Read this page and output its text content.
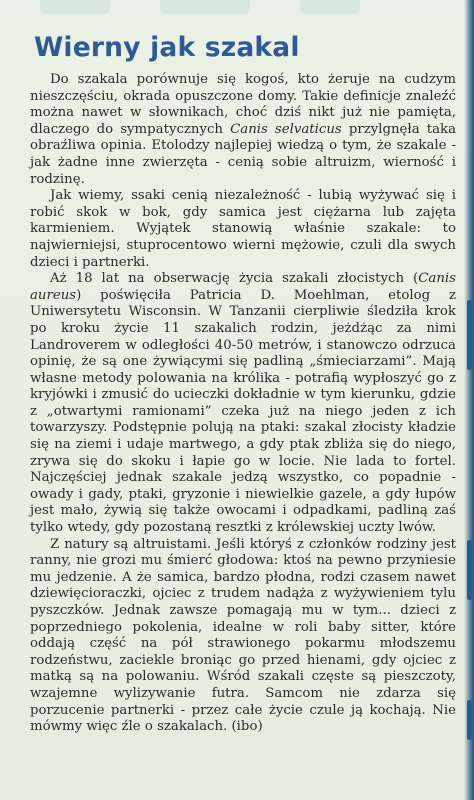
Wierny jak szakal

Do szakala porównuje się kogoś, kto żeruje na cudzym nieszczęściu, okrada opuszczone domy. Takie definicje znaleźć można nawet w słownikach, choć dziś nikt już nie pamięta, dlaczego do sympatycznych Canis selvaticus przylgnęła taka obraźliwa opinia. Etolodzy najlepiej wiedzą o tym, że szakale - jak żadne inne zwierzęta - cenią sobie altruizm, wierność i rodzinę.

Jak wiemy, ssaki cenią niezależność - lubią wyżywać się i robić skok w bok, gdy samica jest ciężarna lub zajęta karmieniem. Wyjątek stanowią właśnie szakale: to najwierniejsi, stuprocentowo wierni mężowie, czuli dla swych dzieci i partnerki.

Aż 18 lat na obserwację życia szakali złocistych (Canis aureus) poświęciła Patricia D. Moehlman, etolog z Uniwersytetu Wisconsin. W Tanzanii cierpliwie śledziła krok po kroku życie 11 szakalich rodzin, jeżdżąc za nimi Landroverem w odległości 40-50 metrów, i stanowczo odrzuca opinię, że są one żywiącymi się padliną „śmieciarzami”. Mają własne metody polowania na królika - potrafią wypłoszyć go z kryjówki i zmusić do ucieczki dokładnie w tym kierunku, gdzie z „otwartymi ramionami” czeka już na niego jeden z ich towarzyszy. Podstępnie polują na ptaki: szakal złocisty kładzie się na ziemi i udaje martwego, a gdy ptak zbliża się do niego, zrywa się do skoku i łapie go w locie. Nie lada to fortel. Najczęściej jednak szakale jedzą wszystko, co popadnie - owady i gady, ptaki, gryzonie i niewielkie gazele, a gdy łupów jest mało, żywią się także owocami i odpadkami, padliną zaś tylko wtedy, gdy pozostaną resztki z królewskiej uczty lwów.

Z natury są altruistami. Jeśli któryś z członków rodziny jest ranny, nie grozi mu śmierć głodowa: ktoś na pewno przyniesie mu jedzenie. A że samica, bardzo płodna, rodzi czasem nawet dziewięcioraczki, ojciec z trudem nadąża z wyżywieniem tylu pyszczków. Jednak zawsze pomagają mu w tym... dzieci z poprzedniego pokolenia, idealne w roli baby sitter, które oddają część na pół strawionego pokarmu młodszemu rodzeństwu, zaciekle broniąc go przed hienami, gdy ojciec z matką są na polowaniu. Wśród szakali częste są pieszczoty, wzajemne wylizywanie futra. Samcom nie zdarza się porzucenie partnerki - przez całe życie czule ją kochają. Nie mówmy więc źle o szakalach. (ibo)
